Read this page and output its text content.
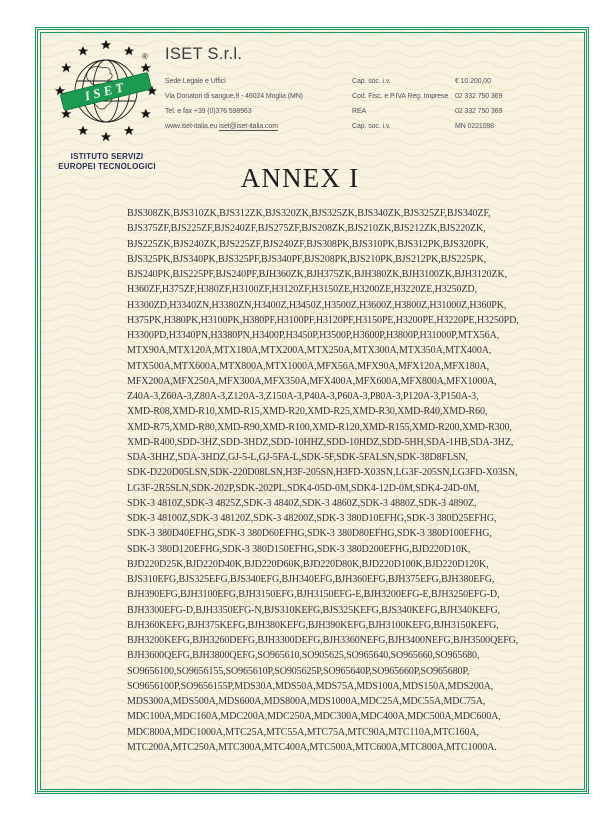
ISET
®
ISTITUTO SERVIZI
EUROPEI TECNOLOGICI
ISET S.r.l.
Sede Legale e Uffici	Cap. soc. i.v.	€ 10.200,00
Via Donatori di sangue,9 - 46024 Moglia (MN)	Cod. Fisc. e P.IVA Reg. Imprese 02 332 750 369
Tel. e fax +39 (0)376 598963	REA	02 332 750 369
www.iset-italia.eu iset@iset-italia.com	Cap. soc. i.v.	MN 0221098
ANNEX I
BJS308ZK,BJS310ZK,BJS312ZK,BJS320ZK,BJS325ZK,BJS340ZK,BJS325ZF,BJS340ZF,
BJS375ZF,BJS225ZF,BJS240ZF,BJS275ZF,BJS208ZK,BJS210ZK,BJS212ZK,BJS220ZK,
BJS225ZK,BJS240ZK,BJS225ZF,BJS240ZF,BJS308PK,BJS310PK,BJS312PK,BJS320PK,
BJS325PK,BJS340PK,BJS325PF,BJS340PF,BJS208PK,BJS210PK,BJS212PK,BJS225PK,
BJS240PK,BJS225PF,BJS240PF,BJH360ZK,BJH375ZK,BJH380ZK,BJH3100ZK,BJH3120ZK,
H360ZF,H375ZF,H380ZF,H3100ZF,H3120ZF,H3150ZE,H3200ZE,H3220ZE,H3250ZD,
H3300ZD,H3340ZN,H3380ZN,H3400Z,H3450Z,H3500Z,H3600Z,H3800Z,H31000Z,H360PK,
H375PK,H380PK,H3100PK,H380PF,H3100PF,H3120PF,H3150PE,H3200PE,H3220PE,H3250PD,
H3300PD,H3340PN,H3380PN,H3400P,H3450P,H3500P,H3600P,H3800P,H31000P,MTX56A,
MTX90A,MTX120A,MTX180A,MTX200A,MTX250A,MTX300A,MTX350A,MTX400A,
MTX500A,MTX600A,MTX800A,MTX1000A,MFX56A,MFX90A,MFX120A,MFX180A,
MFX200A,MFX250A,MFX300A,MFX350A,MFX400A,MFX600A,MFX800A,MFX1000A,
Z40A-3,Z60A-3,Z80A-3,Z120A-3,Z150A-3,P40A-3,P60A-3,P80A-3,P120A-3,P150A-3,
XMD-R08,XMD-R10,XMD-R15,XMD-R20,XMD-R25,XMD-R30,XMD-R40,XMD-R60,
XMD-R75,XMD-R80,XMD-R90,XMD-R100,XMD-R120,XMD-R155,XMD-R200,XMD-R300,
XMD-R400,SDD-3HZ,SDD-3HDZ,SDD-10HHZ,SDD-10HDZ,SDD-5HH,SDA-1HB,SDA-3HZ,
SDA-3HHZ,SDA-3HDZ,GJ-5-L,GJ-5FA-L,SDK-5F,SDK-5FALSN,SDK-38D8FLSN,
SDK-D220D05LSN,SDK-220D08LSN,H3F-205SN,H3FD-X03SN,LG3F-205SN,LG3FD-X03SN,
LG3F-2R5SLN,SDK-202P,SDK-202PL,SDK4-05D-0M,SDK4-12D-0M,SDK4-24D-0M,
SDK-3 4810Z,SDK-3 4825Z,SDK-3 4840Z,SDK-3 4860Z,SDK-3 4880Z,SDK-3 4890Z,
SDK-3 48100Z,SDK-3 48120Z,SDK-3 48200Z,SDK-3 380D10EFHG,SDK-3 380D25EFHG,
SDK-3 380D40EFHG,SDK-3 380D60EFHG,SDK-3 380D80EFHG,SDK-3 380D100EFHG,
SDK-3 380D120EFHG,SDK-3 380D150EFHG,SDK-3 380D200EFHG,BJD220D10K,
BJD220D25K,BJD220D40K,BJD220D60K,BJD220D80K,BJD220D100K,BJD220D120K,
BJS310EFG,BJS325EFG,BJS340EFG,BJH340EFG,BJH360EFG,BJH375EFG,BJH380EFG,
BJH390EFG,BJH3100EFG,BJH3150EFG,BJH3150EFG-E,BJH3200EFG-E,BJH3250EFG-D,
BJH3300EFG-D,BJH3350EFG-N,BJS310KEFG,BJS325KEFG,BJS340KEFG,BJH340KEFG,
BJH360KEFG,BJH375KEFG,BJH380KEFG,BJH390KEFG,BJH3100KEFG,BJH3150KEFG,
BJH3200KEFG,BJH3260DEFG,BJH3300DEFG,BJH3360NEFG,BJH3400NEFG,BJH3500QEFG,
BJH3600QEFG,BJH3800QEFG,SO965610,SO905625,SO965640,SO965660,SO965680,
SO9656100,SO9656155,SO965610P,SO905625P,SO965640P,SO965660P,SO965680P,
SO9656100P,SO9656155P,MDS30A,MDS50A,MDS75A,MDS100A,MDS150A,MDS200A,
MDS300A,MDS500A,MDS600A,MDS800A,MDS1000A,MDC25A,MDC55A,MDC75A,
MDC100A,MDC160A,MDC200A,MDC250A,MDC300A,MDC400A,MDC500A,MDC600A,
MDC800A,MDC1000A,MTC25A,MTC55A,MTC75A,MTC90A,MTC110A,MTC160A,
MTC200A,MTC250A,MTC300A,MTC400A,MTC500A,MTC600A,MTC800A,MTC1000A.
